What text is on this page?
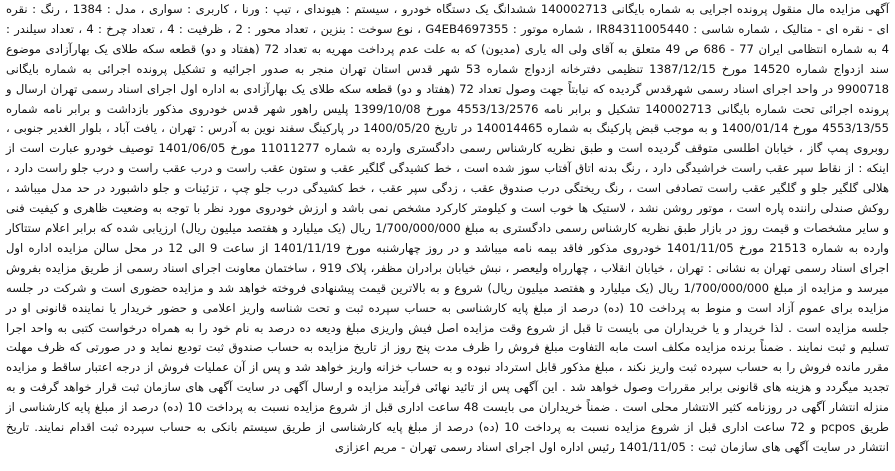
آگهی مزایده مال منقول پرونده اجرایی به شماره بایگانی 140002713 ششدانگ یک دستگاه خودرو ، سیستم : هیوندای ، تیپ : ورنا ، کاربری : سواری ، مدل : 1384 ، رنگ : نقره ای - نقره ای - متالیک ، شماره شاسی : IR84311005440 ، شماره موتور : G4EB4697355 ، نوع سوخت : بنزین ، تعداد محور : 2 ، ظرفیت : 4 ، تعداد چرخ : 4 ، تعداد سیلندر : 4 به شماره انتظامی ایران 77 - 686 ص 49 متعلق به آقای ولی اله یاری (مدیون) که به علت عدم پرداخت مهریه به تعداد 72 (هفتاد و دو) قطعه سکه طلای یک بهارآزادی موضوع سند ازدواج شماره 14520 مورخ 1387/12/15 تنظیمی دفترخانه ازدواج شماره 53 شهر قدس استان تهران منجر به صدور اجرائیه و تشکیل پرونده اجرائی به شماره بایگانی 9900718 در واحد اجرای اسناد رسمی شهرقدس گردیده که نیابتاً جهت وصول تعداد 72 (هفتاد و دو) قطعه سکه طلای یک بهارآزادی به اداره اول اجرای اسناد رسمی تهران ارسال و پرونده اجرائی تحت شماره بایگانی 140002713 تشکیل و برابر نامه 4553/13/2576 مورخ 1399/10/08 پلیس راهور شهر قدس خودروی مذکور بازداشت و برابر نامه شماره 4553/13/55 مورخ 1400/01/14 و به موجب قبض پارکینگ به شماره 140014465 در تاریخ 1400/05/20 در پارکینگ سفند نوین به آدرس : تهران ، یافت آباد ، بلوار الغدیر جنوبی ، روبروی پمپ گاز ، خیابان اطلسی متوقف گردیده است و طبق نظریه کارشناس رسمی دادگستری وارده به شماره 11011277 مورخ 1401/06/05 توصیف خودرو عبارت است از اینکه : از نقاط سپر عقب راست خراشیدگی دارد ، رنگ بدنه اتاق آفتاب سوز شده است ، خط کشیدگی گلگیر عقب و ستون عقب راست و درب عقب راست و درب جلو راست دارد ، هلالی گلگیر جلو و گلگیر عقب راست تصادفی است ، رنگ ریختگی درب صندوق عقب ، زدگی سپر عقب ، خط کشیدگی درب جلو چپ ، تزئینات و جلو داشبورد در حد مدل میباشد ، روکش صندلی راننده پاره است ، موتور روشن نشد ، لاستیک ها خوب است و کیلومتر کارکرد مشخص نمی باشد و ارزش خودروی مورد نظر با توجه به وضعیت ظاهری و کیفیت فنی و سایر مشخصات و قیمت روز در بازار طبق نظریه کارشناس رسمی دادگستری به مبلغ 1/700/000/000 ریال (یک میلیارد و هفتصد میلیون ریال) ارزیابی شده که برابر اعلام ستتاکار وارده به شماره 21513 مورخ 1401/11/05 خودروی مذکور فاقد بیمه نامه میباشد و در روز چهارشنبه مورخ 1401/11/19 از ساعت 9 الی 12 در محل سالن مزایده اداره اول اجرای اسناد رسمی تهران به نشانی : تهران ، خیابان انقلاب ، چهارراه ولیعصر ، نبش خیابان برادران مظفر، پلاک 919 ، ساختمان معاونت اجرای اسناد رسمی از طریق مزایده بفروش میرسد و مزایده از مبلغ 1/700/000/000 ریال (یک میلیارد و هفتصد میلیون ریال) شروع و به بالاترین قیمت پیشنهادی فروخته خواهد شد و مزایده حضوری است و شرکت در جلسه مزایده برای عموم آزاد است و منوط به پرداخت 10 (ده) درصد از مبلغ پایه کارشناسی به حساب سپرده ثبت و تحت شناسه واریز اعلامی و حضور خریدار یا نماینده قانونی او در جلسه مزایده است . لذا خریدار و یا خریداران می بایست تا قبل از شروع وقت مزایده اصل فیش واریزی مبلغ ودیعه ده درصد به نام خود را به همراه درخواست کتبی به واحد اجرا تسلیم و ثبت نمایند . ضمناً برنده مزایده مکلف است مابه التفاوت مبلغ فروش را ظرف مدت پنج روز از تاریخ مزایده به حساب صندوق ثبت تودیع نماید و در صورتی که ظرف مهلت مقرر مانده فروش را به حساب سپرده ثبت واریز نکند ، مبلغ مذکور قابل استرداد نبوده و به حساب خزانه واریز خواهد شد و پس از آن عملیات فروش از درجه اعتبار ساقط و مزایده تجدید میگردد و هزینه های قانونی برابر مقررات وصول خواهد شد . این آگهی پس از تائید نهائی فرآیند مزایده و ارسال آگهی در سایت آگهی های سازمان ثبت قرار خواهد گرفت و به منزله انتشار آگهی در روزنامه کثیر الانتشار محلی است . ضمناً خریداران می بایست 48 ساعت اداری قبل از شروع مزایده نسبت به پرداخت 10 (ده) درصد از مبلغ پایه کارشناسی از طریق pcpos و 72 ساعت اداری قبل از شروع مزایده نسبت به پرداخت 10 (ده) درصد از مبلغ پایه کارشناسی از طریق سیستم بانکی به حساب سپرده ثبت اقدام نمایند. تاریخ انتشار در سایت آگهی های سازمان ثبت : 1401/11/05 رئیس اداره اول اجرای اسناد رسمی تهران - مریم اعزازی
